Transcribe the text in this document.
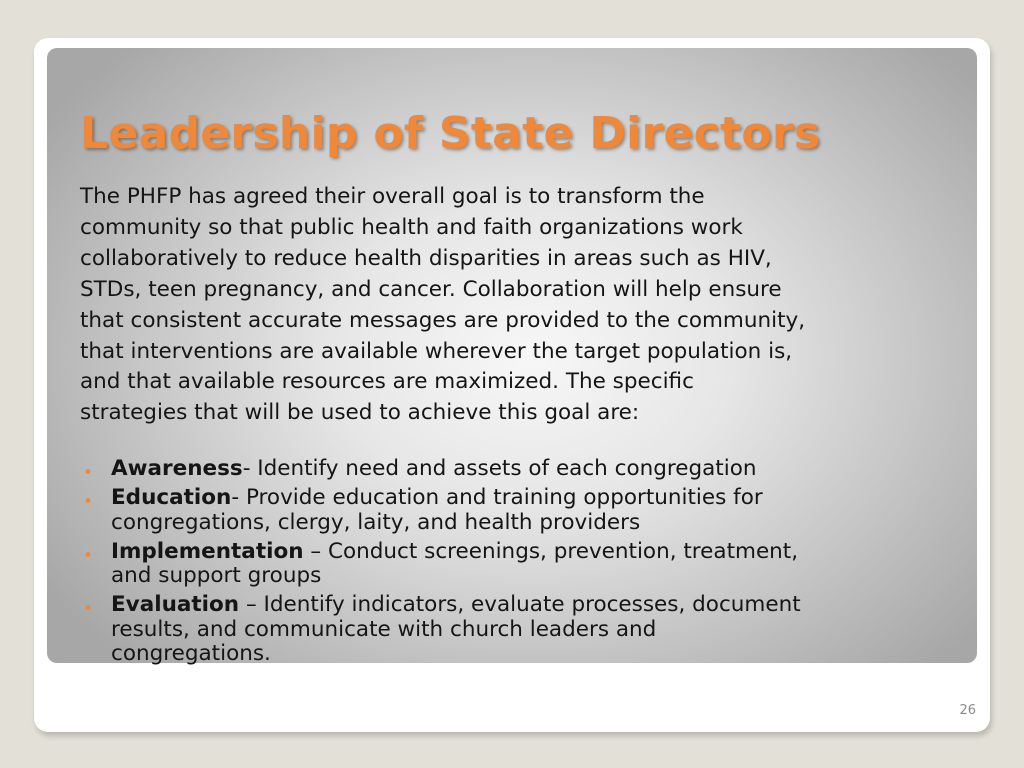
Leadership of State Directors

The PHFP has agreed their overall goal is to transform the
community so that public health and faith organizations work
collaboratively to reduce health disparities in areas such as HIV,
STDs, teen pregnancy, and cancer. Collaboration will help ensure
that consistent accurate messages are provided to the community,
that interventions are available wherever the target population is,
and that available resources are maximized. The specific
strategies that will be used to achieve this goal are:

• Awareness- Identify need and assets of each congregation
• Education- Provide education and training opportunities for
congregations, clergy, laity, and health providers
• Implementation – Conduct screenings, prevention, treatment,
and support groups
• Evaluation – Identify indicators, evaluate processes, document
results, and communicate with church leaders and
congregations.
26
